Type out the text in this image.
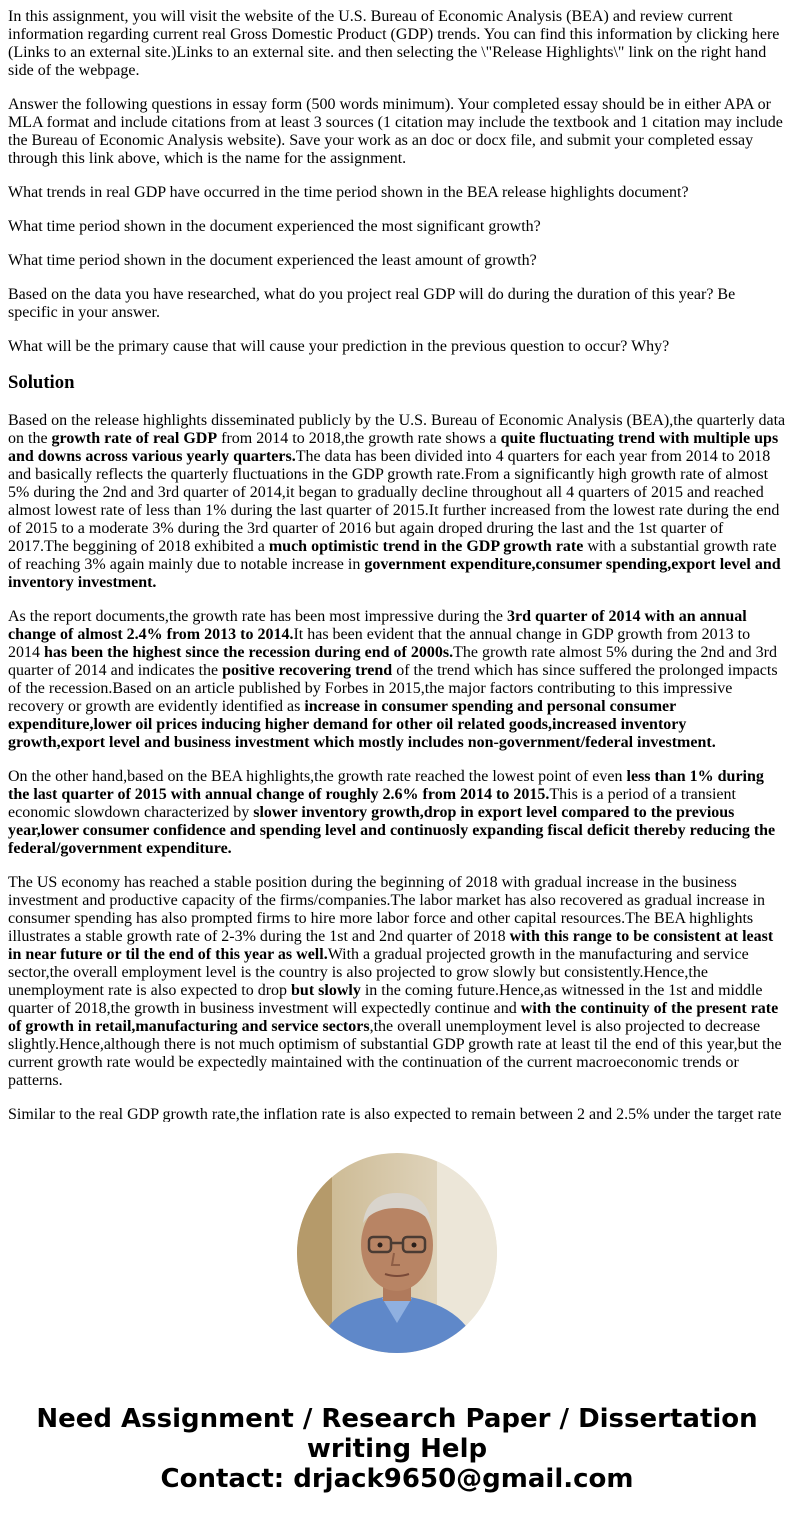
In this assignment, you will visit the website of the U.S. Bureau of Economic Analysis (BEA) and review current information regarding current real Gross Domestic Product (GDP) trends. You can find this information by clicking here (Links to an external site.)Links to an external site. and then selecting the \"Release Highlights\" link on the right hand side of the webpage.

Answer the following questions in essay form (500 words minimum). Your completed essay should be in either APA or MLA format and include citations from at least 3 sources (1 citation may include the textbook and 1 citation may include the Bureau of Economic Analysis website). Save your work as an doc or docx file, and submit your completed essay through this link above, which is the name for the assignment.

What trends in real GDP have occurred in the time period shown in the BEA release highlights document?

What time period shown in the document experienced the most significant growth?

What time period shown in the document experienced the least amount of growth?

Based on the data you have researched, what do you project real GDP will do during the duration of this year? Be specific in your answer.

What will be the primary cause that will cause your prediction in the previous question to occur? Why?

Solution

Based on the release highlights disseminated publicly by the U.S. Bureau of Economic Analysis (BEA),the quarterly data on the growth rate of real GDP from 2014 to 2018,the growth rate shows a quite fluctuating trend with multiple ups and downs across various yearly quarters.The data has been divided into 4 quarters for each year from 2014 to 2018 and basically reflects the quarterly fluctuations in the GDP growth rate.From a significantly high growth rate of almost 5% during the 2nd and 3rd quarter of 2014,it began to gradually decline throughout all 4 quarters of 2015 and reached almost lowest rate of less than 1% during the last quarter of 2015.It further increased from the lowest rate during the end of 2015 to a moderate 3% during the 3rd quarter of 2016 but again droped druring the last and the 1st quarter of 2017.The beggining of 2018 exhibited a much optimistic trend in the GDP growth rate with a substantial growth rate of reaching 3% again mainly due to notable increase in government expenditure,consumer spending,export level and inventory investment.

As the report documents,the growth rate has been most impressive during the 3rd quarter of 2014 with an annual change of almost 2.4% from 2013 to 2014.It has been evident that the annual change in GDP growth from 2013 to 2014 has been the highest since the recession during end of 2000s.The growth rate almost 5% during the 2nd and 3rd quarter of 2014 and indicates the positive recovering trend of the trend which has since suffered the prolonged impacts of the recession.Based on an article published by Forbes in 2015,the major factors contributing to this impressive recovery or growth are evidently identified as increase in consumer spending and personal consumer expenditure,lower oil prices inducing higher demand for other oil related goods,increased inventory growth,export level and business investment which mostly includes non-government/federal investment.

On the other hand,based on the BEA highlights,the growth rate reached the lowest point of even less than 1% during the last quarter of 2015 with annual change of roughly 2.6% from 2014 to 2015.This is a period of a transient economic slowdown characterized by slower inventory growth,drop in export level compared to the previous year,lower consumer confidence and spending level and continuosly expanding fiscal deficit thereby reducing the federal/government expenditure.

The US economy has reached a stable position during the beginning of 2018 with gradual increase in the business investment and productive capacity of the firms/companies.The labor market has also recovered as gradual increase in consumer spending has also prompted firms to hire more labor force and other capital resources.The BEA highlights illustrates a stable growth rate of 2-3% during the 1st and 2nd quarter of 2018 with this range to be consistent at least in near future or til the end of this year as well.With a gradual projected growth in the manufacturing and service sector,the overall employment level is the country is also projected to grow slowly but consistently.Hence,the unemployment rate is also expected to drop but slowly in the coming future.Hence,as witnessed in the 1st and middle quarter of 2018,the growth in business investment will expectedly continue and with the continuity of the present rate of growth in retail,manufacturing and service sectors,the overall unemployment level is also projected to decrease slightly.Hence,although there is not much optimism of substantial GDP growth rate at least til the end of this year,but the current growth rate would be expectedly maintained with the continuation of the current macroeconomic trends or patterns.

Similar to the real GDP growth rate,the inflation rate is also expected to remain between 2 and 2.5% under the target rate

Need Assignment / Research Paper / Dissertation
writing Help
Contact: drjack9650@gmail.com
